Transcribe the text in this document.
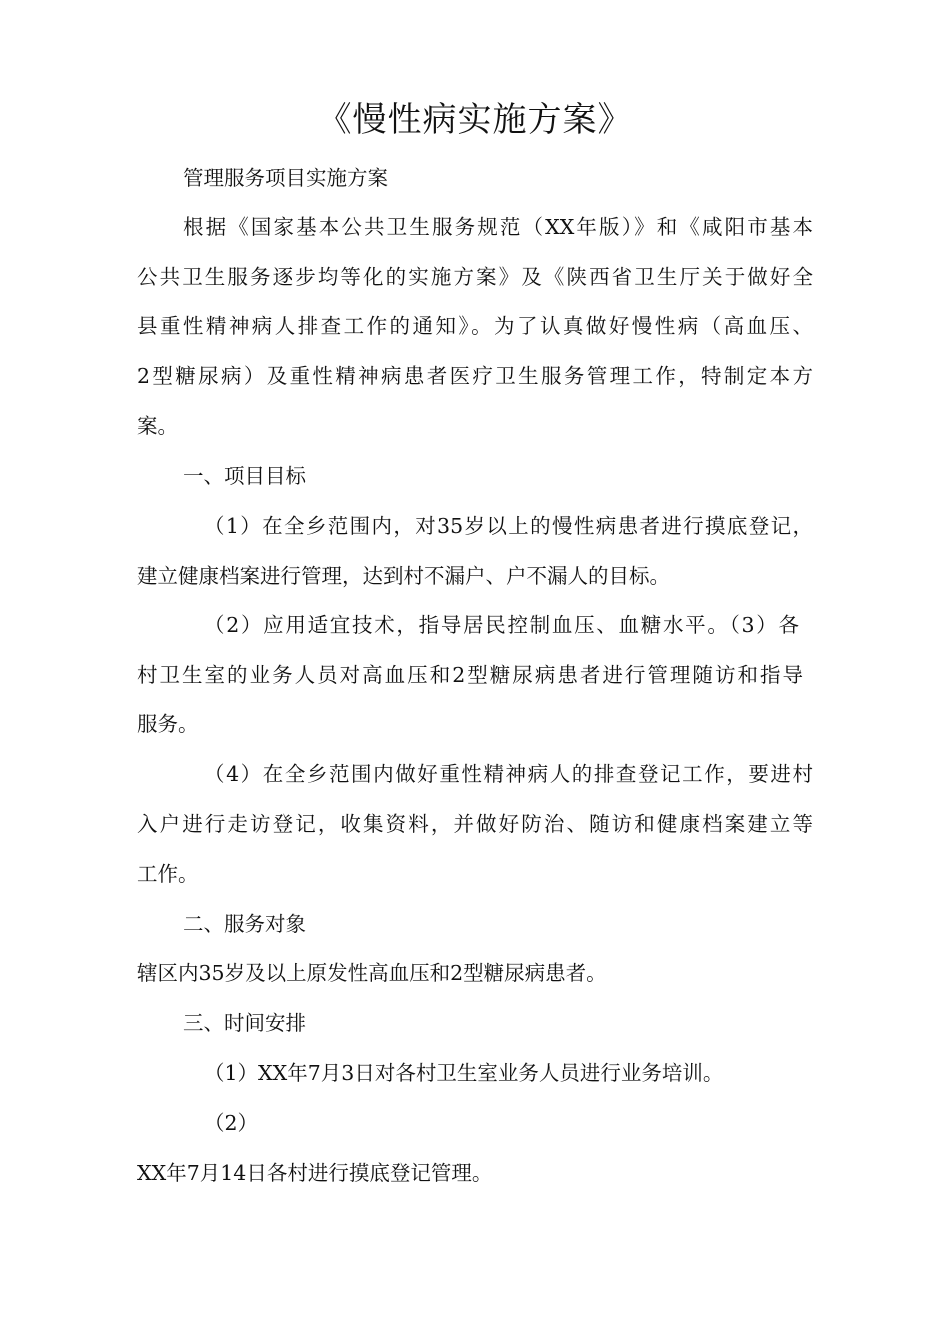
《慢性病实施方案》

管理服务项目实施方案

根据《国家基本公共卫生服务规范（XX年版）》和《咸阳市基本

公共卫生服务逐步均等化的实施方案》及《陕西省卫生厅关于做好全

县重性精神病人排查工作的通知》。为了认真做好慢性病（高血压、

2型糖尿病）及重性精神病患者医疗卫生服务管理工作，特制定本方

案。

一、项目目标

（1）在全乡范围内，对35岁以上的慢性病患者进行摸底登记，

建立健康档案进行管理，达到村不漏户、户不漏人的目标。

（2）应用适宜技术，指导居民控制血压、血糖水平。（3）各

村卫生室的业务人员对高血压和2型糖尿病患者进行管理随访和指导

服务。

（4）在全乡范围内做好重性精神病人的排查登记工作，要进村

入户进行走访登记，收集资料，并做好防治、随访和健康档案建立等

工作。

二、服务对象

辖区内35岁及以上原发性高血压和2型糖尿病患者。

三、时间安排

（1）XX年7月3日对各村卫生室业务人员进行业务培训。

（2）

XX年7月14日各村进行摸底登记管理。
